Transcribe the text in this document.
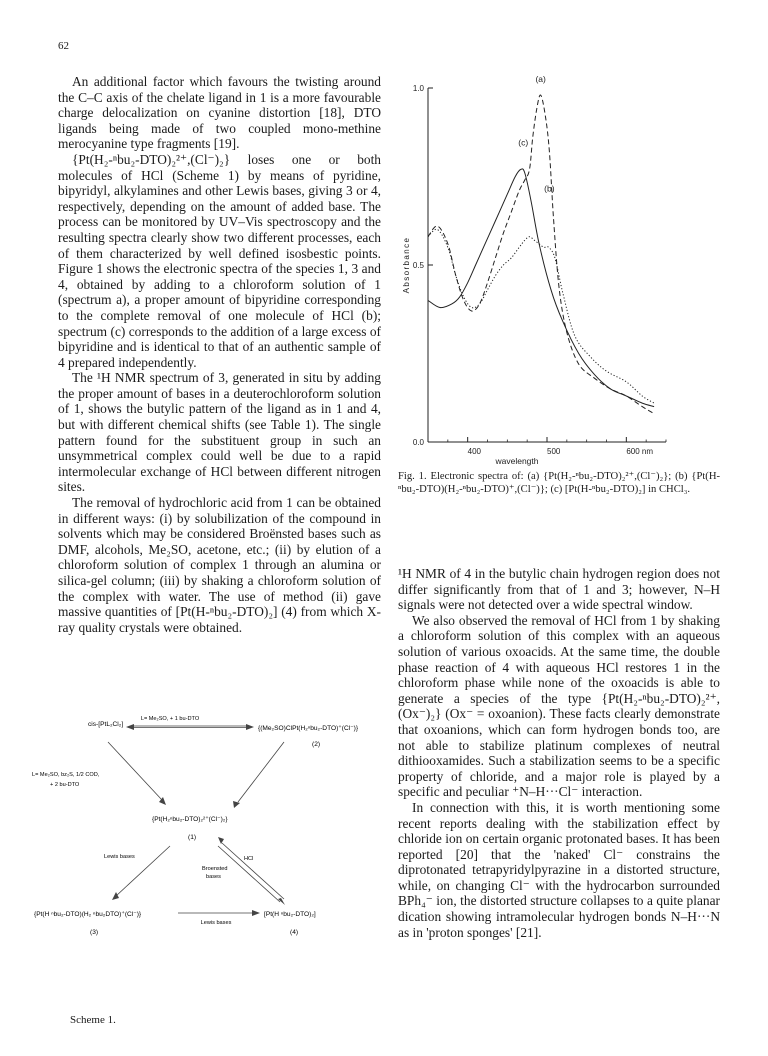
62

An additional factor which favours the twisting around the C–C axis of the chelate ligand in 1 is a more favourable charge delocalization on cyanine distortion [18], DTO ligands being made of two coupled mono-methine merocyanine type fragments [19].

{Pt(H₂-ⁿbu₂-DTO)₂²⁺,(Cl⁻)₂} loses one or both molecules of HCl (Scheme 1) by means of pyridine, bipyridyl, alkylamines and other Lewis bases, giving 3 or 4, respectively, depending on the amount of added base. The process can be monitored by UV–Vis spectroscopy and the resulting spectra clearly show two different processes, each of them characterized by well defined isosbestic points. Figure 1 shows the electronic spectra of the species 1, 3 and 4, obtained by adding to a chloroform solution of 1 (spectrum a), a proper amount of bipyridine corresponding to the complete removal of one molecule of HCl (b); spectrum (c) corresponds to the addition of a large excess of bipyridine and is identical to that of an authentic sample of 4 prepared independently.

The ¹H NMR spectrum of 3, generated in situ by adding the proper amount of bases in a deuterochloroform solution of 1, shows the butylic pattern of the ligand as in 1 and 4, but with different chemical shifts (see Table 1). The single pattern found for the substituent group in such an unsymmetrical complex could well be due to a rapid intermolecular exchange of HCl between different nitrogen sites.

The removal of hydrochloric acid from 1 can be obtained in different ways: (i) by solubilization of the compound in solvents which may be considered Broënsted bases such as DMF, alcohols, Me₂SO, acetone, etc.; (ii) by elution of a chloroform solution of complex 1 through an alumina or silica-gel column; (iii) by shaking a chloroform solution of the complex with water. The use of method (ii) gave massive quantities of [Pt(H-ⁿbu₂-DTO)₂] (4) from which X-ray quality crystals were obtained.

400	500	600 nm
0.0
0.5
1.0
Absorbance
wavelength
(a)
(b)
(c)
Fig. 1. Electronic spectra of: (a) {Pt(H₂-ⁿbu₂-DTO)₂²⁺,(Cl⁻)₂}; (b) {Pt(H-ⁿbu₂-DTO)(H₂-ⁿbu₂-DTO)⁺,(Cl⁻)}; (c) [Pt(H-ⁿbu₂-DTO)₂] in CHCl₃.
cis-[PtL₂Cl₂]
L= Me₂SO, + 1 bu-DTO
{(Me₂SO)ClPt(H₂ⁿbu₂-DTO)⁺(Cl⁻)}
(2)
L= Me₂SO, bz₂S, 1/2 COD,
+ 2 bu-DTO
{Pt(H₂ⁿbu₂-DTO)₂²⁺(Cl⁻)₂}
(1)
Lewis bases	HCl
Broensted
bases
{Pt(H ⁿbu₂-DTO)(H₂ ⁿbu₂DTO)⁺(Cl⁻)}
(3)
Lewis bases
[Pt(H ⁿbu₂-DTO)₂]
(4)
Scheme 1.

¹H NMR of 4 in the butylic chain hydrogen region does not differ significantly from that of 1 and 3; however, N–H signals were not detected over a wide spectral window.

We also observed the removal of HCl from 1 by shaking a chloroform solution of this complex with an aqueous solution of various oxoacids. At the same time, the double phase reaction of 4 with aqueous HCl restores 1 in the chloroform phase while none of the oxoacids is able to generate a species of the type {Pt(H₂-ⁿbu₂-DTO)₂²⁺,(Ox⁻)₂} (Ox⁻ = oxoanion). These facts clearly demonstrate that oxoanions, which can form hydrogen bonds too, are not able to stabilize platinum complexes of neutral dithiooxamides. Such a stabilization seems to be a specific property of chloride, and a major role is played by a specific and peculiar ⁺N–H···Cl⁻ interaction.

In connection with this, it is worth mentioning some recent reports dealing with the stabilization effect by chloride ion on certain organic protonated bases. It has been reported [20] that the 'naked' Cl⁻ constrains the diprotonated tetrapyridylpyrazine in a distorted structure, while, on changing Cl⁻ with the hydrocarbon surrounded BPh₄⁻ ion, the distorted structure collapses to a quite planar dication showing intramolecular hydrogen bonds N–H···N as in 'proton sponges' [21].
